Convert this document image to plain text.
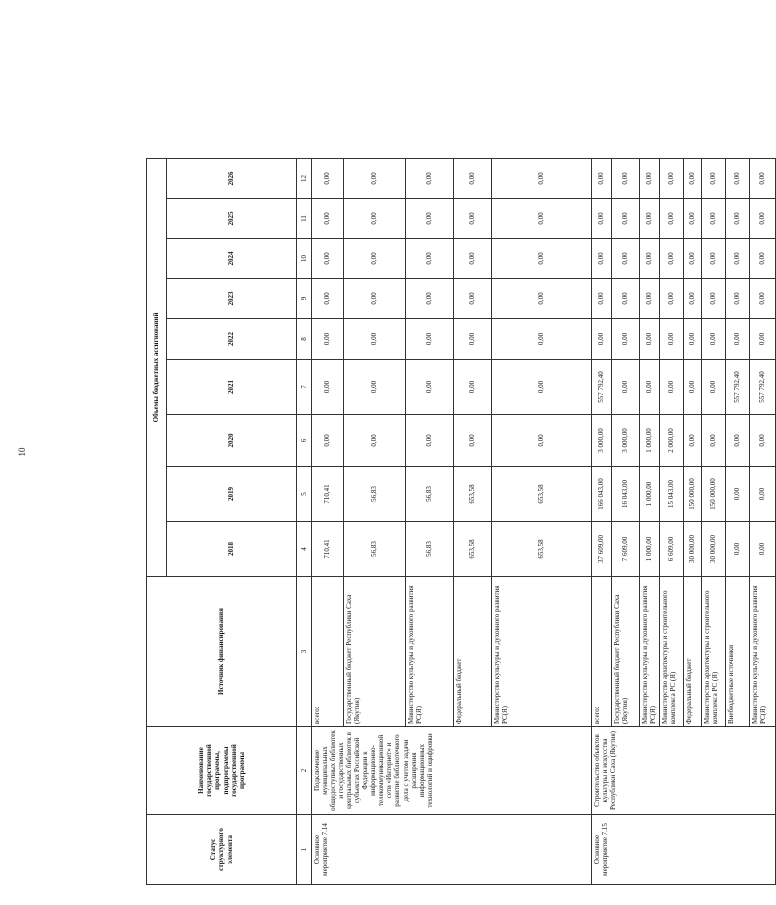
10
Статус структурного элемента	Наименование государственной программы, подпрограммы государственной программы	Источник финансирования	Объемы бюджетных ассигнований									
			2018	2019	2020	2021	2022	2023	2024	2025	2026	
1	2	3	4	5	6	7	8	9	10	11	12	
Основное мероприятие 7.14	Подключение муниципальных общедоступных библиотек и государственных центральных библиотек в субъектах Российской Федерации к информационно-телекоммуникационной сети «Интернет» и развитие библиотечного дела с учетом задачи расширения информационных технологий и оцифровки	всего:	710,41	710,41	0,00	0,00	0,00	0,00	0,00	0,00	0,00	
		Государственный бюджет Республики Саха (Якутия)	56,83	56,83	0,00	0,00	0,00	0,00	0,00	0,00	0,00	
		Министерство культуры и духовного развития РС(Я)	56,83	56,83	0,00	0,00	0,00	0,00	0,00	0,00	0,00	
		Федеральный бюджет	653,58	653,58	0,00	0,00	0,00	0,00	0,00	0,00	0,00	
		Министерство культуры и духовного развития РС(Я)	653,58	653,58	0,00	0,00	0,00	0,00	0,00	0,00	0,00	
Основное мероприятие 7.15	Строительство объектов культуры и искусства Республики Саха (Якутия)	всего:	37 609,00	166 043,00	3 000,00	557 792,40	0,00	0,00	0,00	0,00	0,00	
		Государственный бюджет Республики Саха (Якутия)	7 609,00	16 043,00	3 000,00	0,00	0,00	0,00	0,00	0,00	0,00	
		Министерство культуры и духовного развития РС(Я)	1 000,00	1 000,00	1 000,00	0,00	0,00	0,00	0,00	0,00	0,00	
		Министерство архитектуры и строительного комплекса РС (Я)	6 609,00	15 043,00	2 000,00	0,00	0,00	0,00	0,00	0,00	0,00	
		Федеральный бюджет	30 000,00	150 000,00	0,00	0,00	0,00	0,00	0,00	0,00	0,00	
		Министерство архитектуры и строительного комплекса РС (Я)	30 000,00	150 000,00	0,00	0,00	0,00	0,00	0,00	0,00	0,00	
		Внебюджетные источники	0,00	0,00	0,00	557 792,40	0,00	0,00	0,00	0,00	0,00	
		Министерство культуры и духовного развития РС(Я)	0,00	0,00	0,00	557 792,40	0,00	0,00	0,00	0,00	0,00	
